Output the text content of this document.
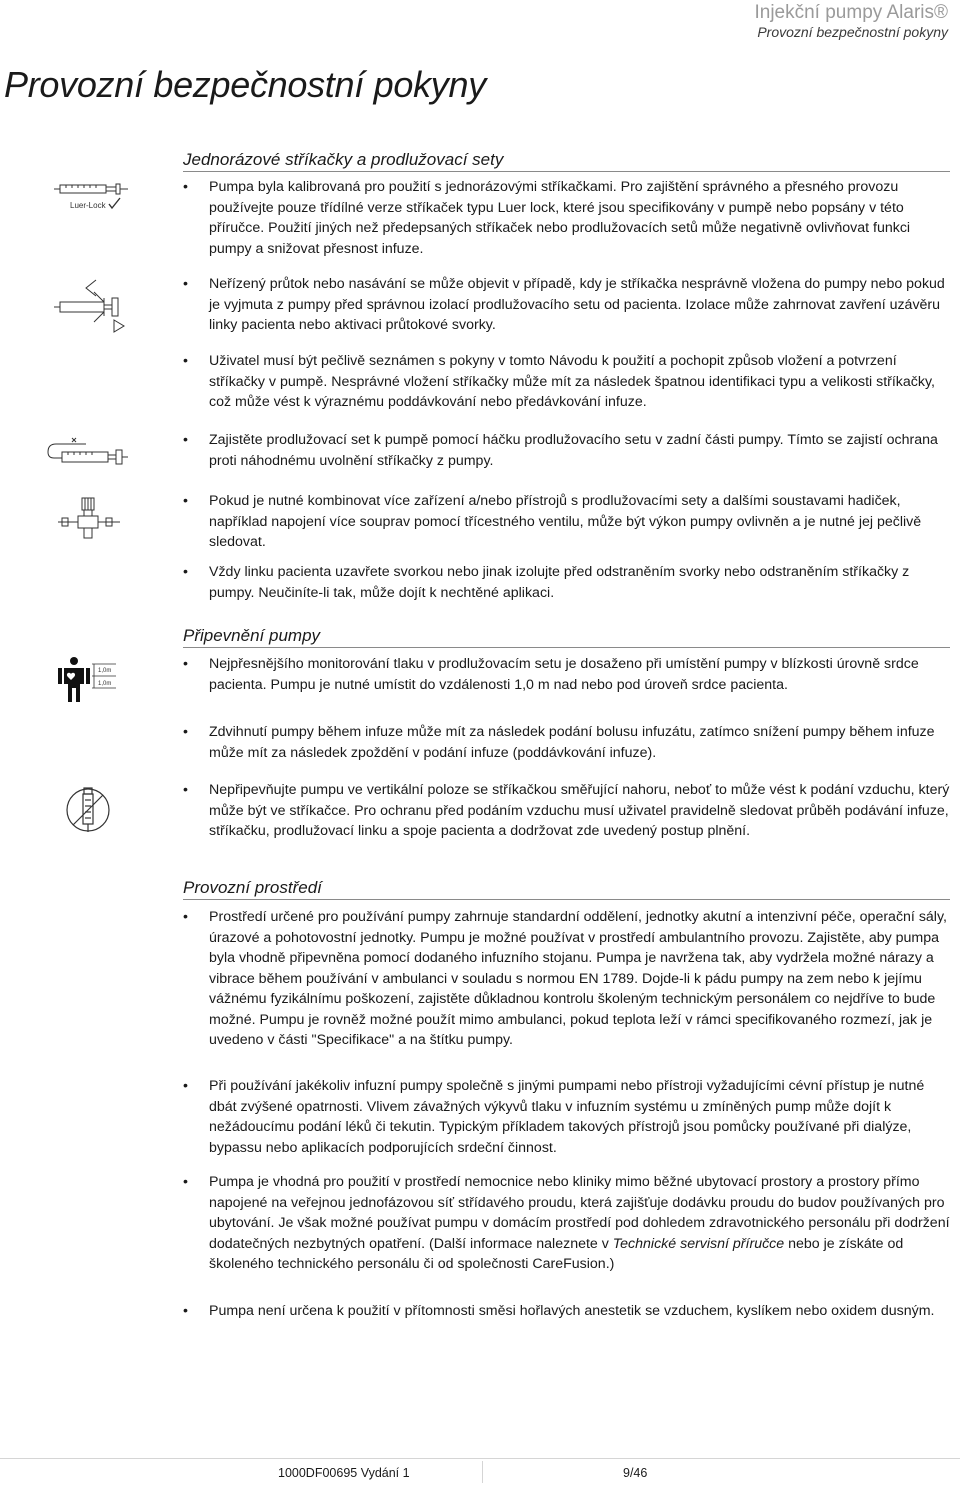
Injekční pumpy Alaris®
Provozní bezpečnostní pokyny
Provozní bezpečnostní pokyny
Jednorázové stříkačky a prodlužovací sety
• Pumpa byla kalibrovaná pro použití s jednorázovými stříkačkami. Pro zajištění správného a přesného provozu používejte pouze třídílné verze stříkaček typu Luer lock, které jsou specifikovány v pumpě nebo popsány v této příručce. Použití jiných než předepsaných stříkaček nebo prodlužovacích setů může negativně ovlivňovat funkci pumpy a snižovat přesnost infuze.
• Neřízený průtok nebo nasávání se může objevit v případě, kdy je stříkačka nesprávně vložena do pumpy nebo pokud je vyjmuta z pumpy před správnou izolací prodlužovacího setu od pacienta. Izolace může zahrnovat zavření uzávěru linky pacienta nebo aktivaci průtokové svorky.
• Uživatel musí být pečlivě seznámen s pokyny v tomto Návodu k použití a pochopit způsob vložení a potvrzení stříkačky v pumpě. Nesprávné vložení stříkačky může mít za následek špatnou identifikaci typu a velikosti stříkačky, což může vést k výraznému poddávkování nebo předávkování infuze.
• Zajistěte prodlužovací set k pumpě pomocí háčku prodlužovacího setu v zadní části pumpy. Tímto se zajistí ochrana proti náhodnému uvolnění stříkačky z pumpy.
• Pokud je nutné kombinovat více zařízení a/nebo přístrojů s prodlužovacími sety a dalšími soustavami hadiček, například napojení více souprav pomocí třícestného ventilu, může být výkon pumpy ovlivněn a je nutné jej pečlivě sledovat.
• Vždy linku pacienta uzavřete svorkou nebo jinak izolujte před odstraněním svorky nebo odstraněním stříkačky z pumpy. Neučiníte-li tak, může dojít k nechtěné aplikaci.
Připevnění pumpy
• Nejpřesnějšího monitorování tlaku v prodlužovacím setu je dosaženo při umístění pumpy v blízkosti úrovně srdce pacienta. Pumpu je nutné umístit do vzdálenosti 1,0 m nad nebo pod úroveň srdce pacienta.
• Zdvihnutí pumpy během infuze může mít za následek podání bolusu infuzátu, zatímco snížení pumpy během infuze může mít za následek zpoždění v podání infuze (poddávkování infuze).
• Nepřipevňujte pumpu ve vertikální poloze se stříkačkou směřující nahoru, neboť to může vést k podání vzduchu, který může být ve stříkačce. Pro ochranu před podáním vzduchu musí uživatel pravidelně sledovat průběh podávání infuze, stříkačku, prodlužovací linku a spoje pacienta a dodržovat zde uvedený postup plnění.
Provozní prostředí
• Prostředí určené pro používání pumpy zahrnuje standardní oddělení, jednotky akutní a intenzivní péče, operační sály, úrazové a pohotovostní jednotky. Pumpu je možné používat v prostředí ambulantního provozu. Zajistěte, aby pumpa byla vhodně připevněna pomocí dodaného infuzního stojanu. Pumpa je navržena tak, aby vydržela možné nárazy a vibrace během používání v ambulanci v souladu s normou EN 1789. Dojde-li k pádu pumpy na zem nebo k jejímu vážnému fyzikálnímu poškození, zajistěte důkladnou kontrolu školeným technickým personálem co nejdříve to bude možné. Pumpu je rovněž možné použít mimo ambulanci, pokud teplota leží v rámci specifikovaného rozmezí, jak je uvedeno v části "Specifikace" a na štítku pumpy.
• Při používání jakékoliv infuzní pumpy společně s jinými pumpami nebo přístroji vyžadujícími cévní přístup je nutné dbát zvýšené opatrnosti. Vlivem závažných výkyvů tlaku v infuzním systému u zmíněných pump může dojít k nežádoucímu podání léků či tekutin. Typickým příkladem takových přístrojů jsou pomůcky používané při dialýze, bypassu nebo aplikacích podporujících srdeční činnost.
• Pumpa je vhodná pro použití v prostředí nemocnice nebo kliniky mimo běžné ubytovací prostory a prostory přímo napojené na veřejnou jednofázovou síť střídavého proudu, která zajišťuje dodávku proudu do budov používaných pro ubytování. Je však možné používat pumpu v domácím prostředí pod dohledem zdravotnického personálu při dodržení dodatečných nezbytných opatření. (Další informace naleznete v Technické servisní příručce nebo je získáte od školeného technického personálu či od společnosti CareFusion.)
• Pumpa není určena k použití v přítomnosti směsi hořlavých anestetik se vzduchem, kyslíkem nebo oxidem dusným.
Luer-Lock
1,0m
1,0m
1000DF00695 Vydání 1	9/46
